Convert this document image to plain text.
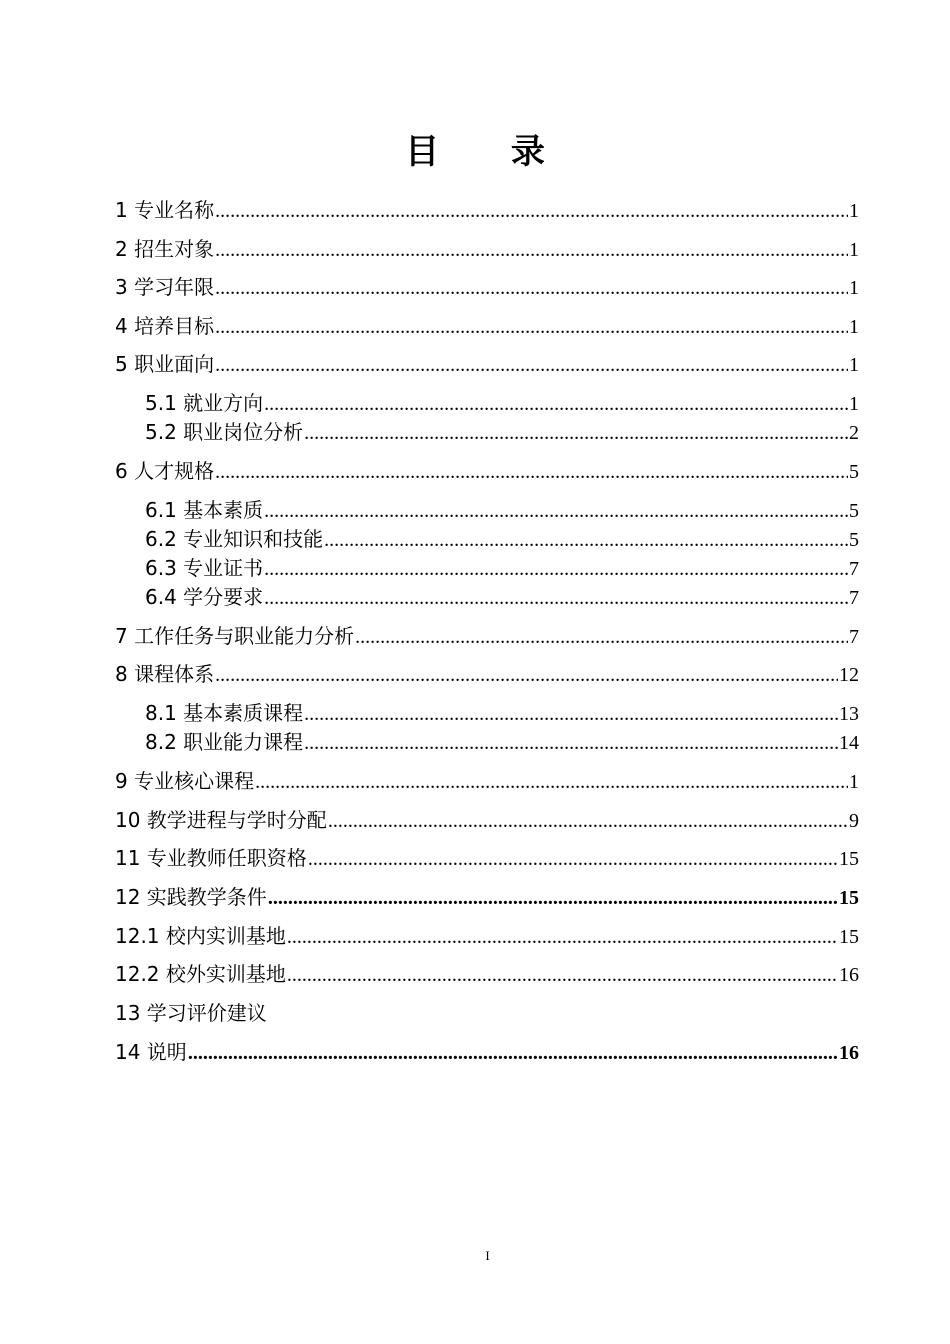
目 录
1 专业名称 .....	1
2 招生对象 .....	1
3 学习年限 .....	1
4 培养目标 .....	1
5 职业面向 .....	1
5.1 就业方向 .....	1
5.2 职业岗位分析 .....	2
6 人才规格 .....	5
6.1 基本素质 .....	5
6.2 专业知识和技能 .....	5
6.3 专业证书 .....	7
6.4 学分要求 .....	7
7 工作任务与职业能力分析 .....	7
8 课程体系 .....	12
8.1 基本素质课程 .....	13
8.2 职业能力课程 .....	14
9 专业核心课程 .....	1
10 教学进程与学时分配 .....	9
11 专业教师任职资格 .....	15
12 实践教学条件 .....	15
12.1 校内实训基地 .....	15
12.2 校外实训基地 .....	16
13 学习评价建议
14 说明 .....	16
I
